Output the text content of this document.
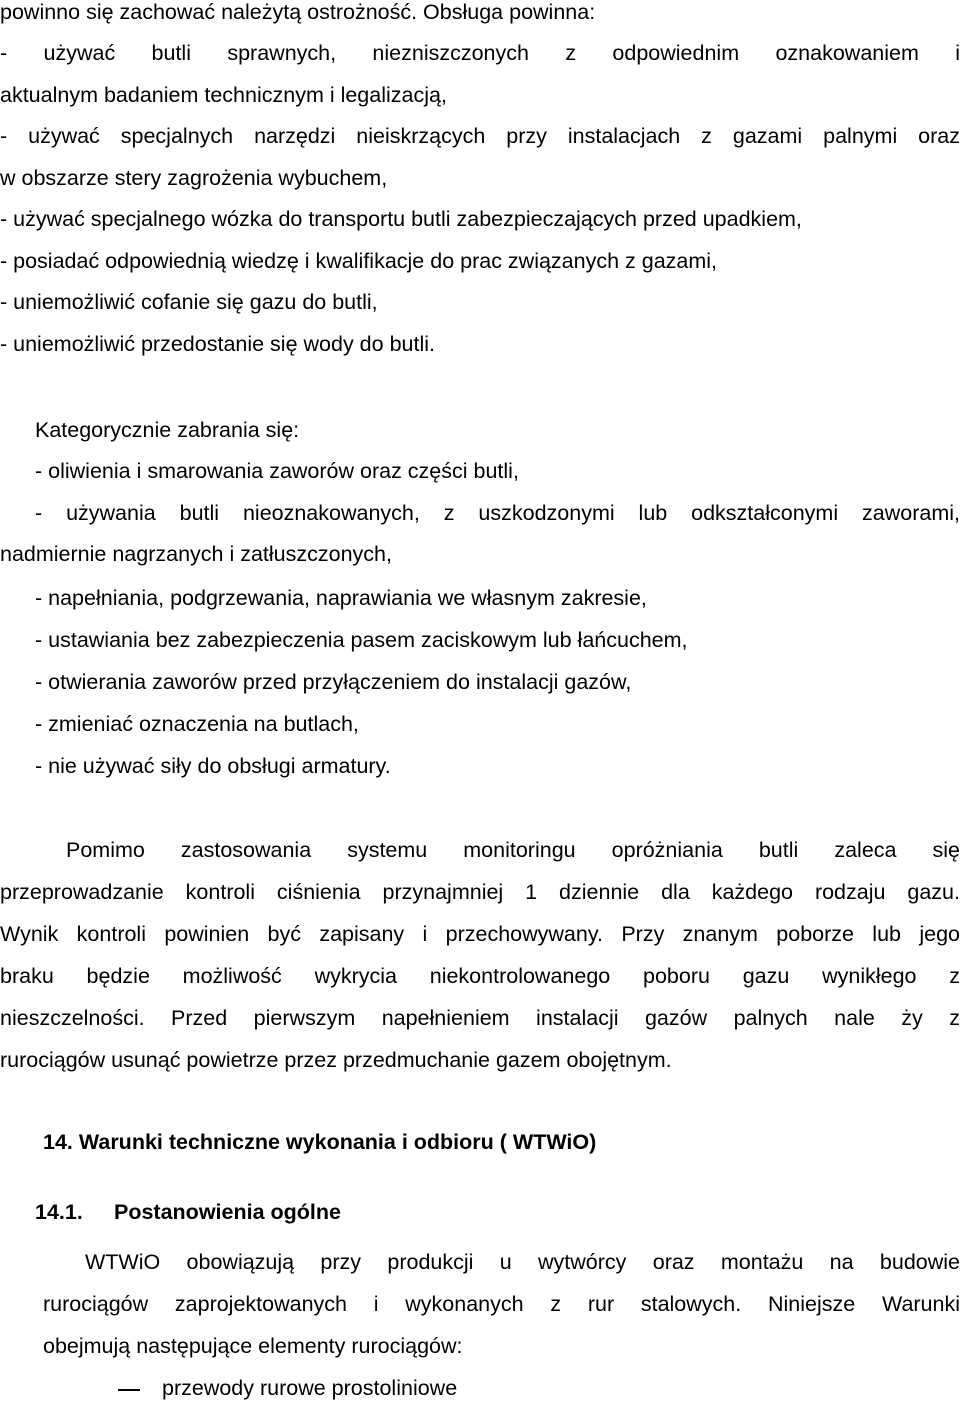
powinno się zachować należytą ostrożność. Obsługa powinna:
- używać butli sprawnych, niezniszczonych z odpowiednim oznakowaniem i
aktualnym badaniem technicznym i legalizacją,
- używać specjalnych narzędzi nieiskrzących przy instalacjach z gazami palnymi oraz
w obszarze stery zagrożenia wybuchem,
- używać specjalnego wózka do transportu butli zabezpieczających przed upadkiem,
- posiadać odpowiednią wiedzę i kwalifikacje do prac związanych z gazami,
- uniemożliwić cofanie się gazu do butli,
- uniemożliwić przedostanie się wody do butli.
Kategorycznie zabrania się:
- oliwienia i smarowania zaworów oraz części butli,
- używania butli nieoznakowanych, z uszkodzonymi lub odkształconymi zaworami,
nadmiernie nagrzanych i zatłuszczonych,
- napełniania, podgrzewania, naprawiania we własnym zakresie,
- ustawiania bez zabezpieczenia pasem zaciskowym lub łańcuchem,
- otwierania zaworów przed przyłączeniem do instalacji gazów,
- zmieniać oznaczenia na butlach,
- nie używać siły do obsługi armatury.
Pomimo zastosowania systemu monitoringu opróżniania butli zaleca się
przeprowadzanie kontroli ciśnienia przynajmniej 1 dziennie dla każdego rodzaju gazu.
Wynik kontroli powinien być zapisany i przechowywany. Przy znanym poborze lub jego
braku będzie możliwość wykrycia niekontrolowanego poboru gazu wynikłego z
nieszczelności. Przed pierwszym napełnieniem instalacji gazów palnych nale ży z
rurociągów usunąć powietrze przez przedmuchanie gazem obojętnym.
14. Warunki techniczne wykonania i odbioru ( WTWiO)
14.1.	Postanowienia ogólne
WTWiO obowiązują przy produkcji u wytwórcy oraz montażu na budowie
rurociągów zaprojektowanych i wykonanych z rur stalowych. Niniejsze Warunki
obejmują następujące elementy rurociągów:
przewody rurowe prostoliniowe
